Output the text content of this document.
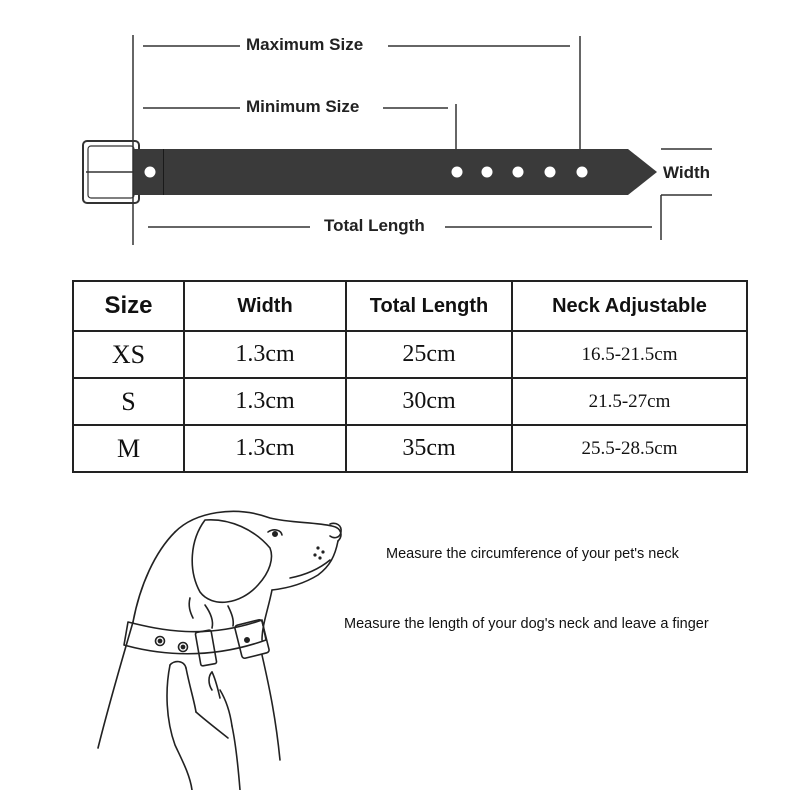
Maximum Size
Minimum Size
Width
Total Length
Size	Width	Total Length	Neck Adjustable
XS	1.3cm	25cm	16.5-21.5cm
S	1.3cm	30cm	21.5-27cm
M	1.3cm	35cm	25.5-28.5cm
Measure the circumference of your pet's neck
Measure the length of your dog's neck and leave a finger
